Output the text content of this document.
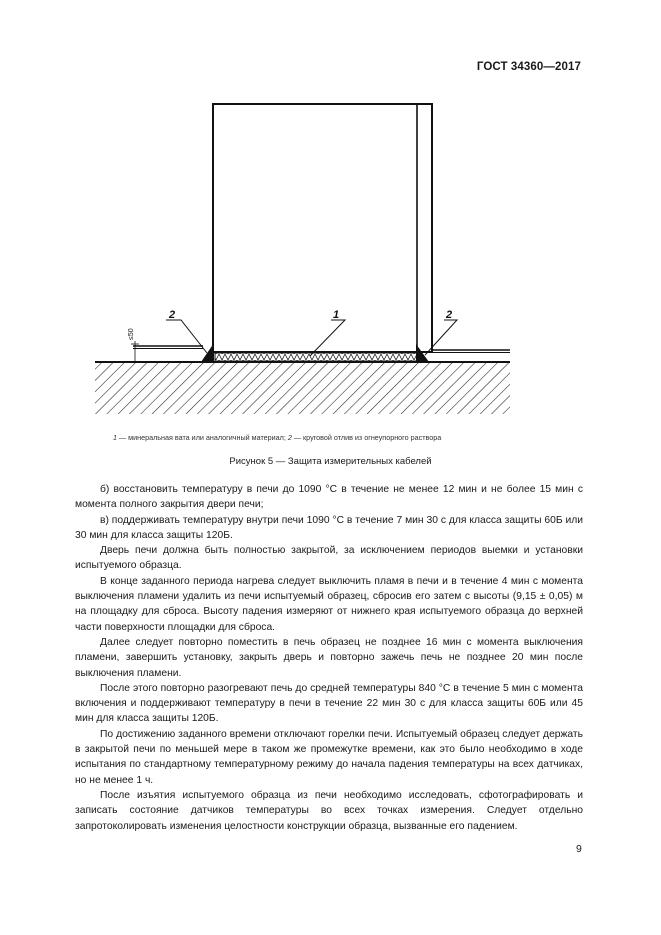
ГОСТ 34360—2017
≤50
2	1	2
1 — минеральная вата или аналогичный материал; 2 — круговой отлив из огнеупорного раствора
Рисунок 5 — Защита измерительных кабелей

б) восстановить температуру в печи до 1090 °С в течение не менее 12 мин и не более 15 мин с момента полного закрытия двери печи;

в) поддерживать температуру внутри печи 1090 °С в течение 7 мин 30 с для класса защиты 60Б или 30 мин для класса защиты 120Б.

Дверь печи должна быть полностью закрытой, за исключением периодов выемки и установки испытуемого образца.

В конце заданного периода нагрева следует выключить пламя в печи и в течение 4 мин с момента выключения пламени удалить из печи испытуемый образец, сбросив его затем с высоты (9,15 ± 0,05) м на площадку для сброса. Высоту падения измеряют от нижнего края испытуемого образца до верхней части поверхности площадки для сброса.

Далее следует повторно поместить в печь образец не позднее 16 мин с момента выключения пламени, завершить установку, закрыть дверь и повторно зажечь печь не позднее 20 мин после выключения пламени.

После этого повторно разогревают печь до средней температуры 840 °С в течение 5 мин с момента включения и поддерживают температуру в печи в течение 22 мин 30 с для класса защиты 60Б или 45 мин для класса защиты 120Б.

По достижению заданного времени отключают горелки печи. Испытуемый образец следует держать в закрытой печи по меньшей мере в таком же промежутке времени, как это было необходимо в ходе испытания по стандартному температурному режиму до начала падения температуры на всех датчиках, но не менее 1 ч.

После изъятия испытуемого образца из печи необходимо исследовать, сфотографировать и записать состояние датчиков температуры во всех точках измерения. Следует отдельно запротоколировать изменения целостности конструкции образца, вызванные его падением.

9
